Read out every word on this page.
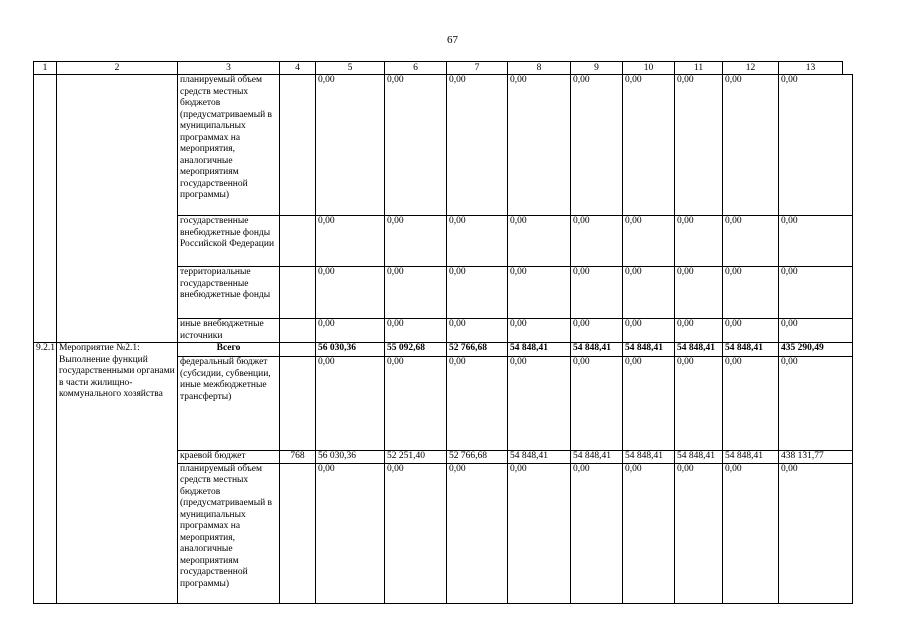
67
1	2	3	4	5	6	7	8	9	10	11	12	13
		планируемый объем средств местных бюджетов (предусматриваемый в муниципальных программах на мероприятия, аналогичные мероприятиям государственной программы)		0,00	0,00	0,00	0,00	0,00	0,00	0,00	0,00	0,00
		государственные внебюджетные фонды Российской Федерации		0,00	0,00	0,00	0,00	0,00	0,00	0,00	0,00	0,00
		территориальные государственные внебюджетные фонды		0,00	0,00	0,00	0,00	0,00	0,00	0,00	0,00	0,00
		иные внебюджетные источники		0,00	0,00	0,00	0,00	0,00	0,00	0,00	0,00	0,00
9.2.1	Мероприятие №2.1: Выполнение функций государственными органами в части жилищно-коммунального хозяйства	Всего		56 030,36	55 092,68	52 766,68	54 848,41	54 848,41	54 848,41	54 848,41	54 848,41	435 290,49
		федеральный бюджет (субсидии, субвенции, иные межбюджетные трансферты)		0,00	0,00	0,00	0,00	0,00	0,00	0,00	0,00	0,00
		краевой бюджет	768	56 030,36	52 251,40	52 766,68	54 848,41	54 848,41	54 848,41	54 848,41	54 848,41	438 131,77
		планируемый объем средств местных бюджетов (предусматриваемый в муниципальных программах на мероприятия, аналогичные мероприятиям государственной программы)		0,00	0,00	0,00	0,00	0,00	0,00	0,00	0,00	0,00
